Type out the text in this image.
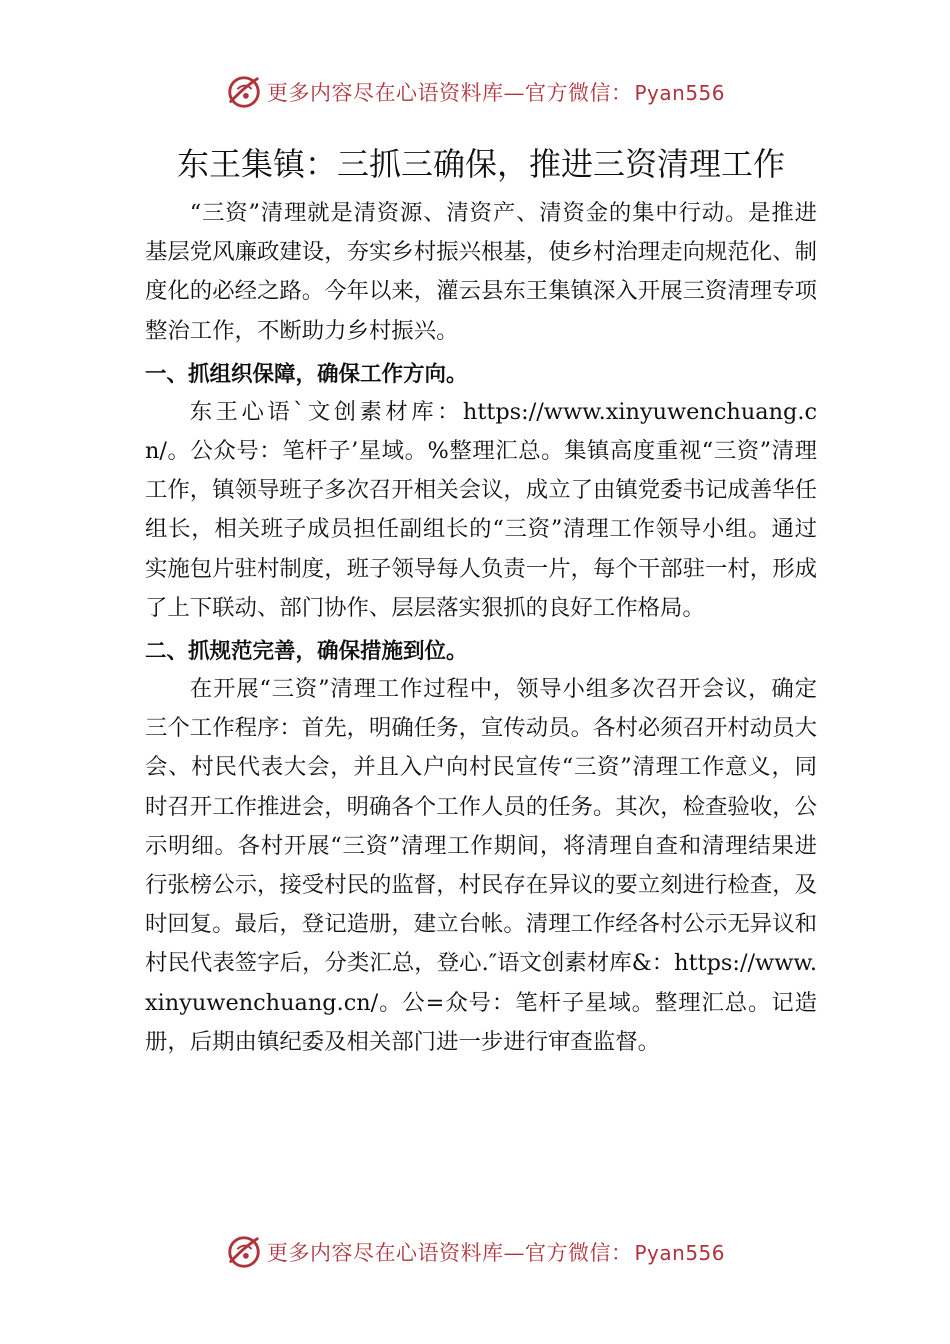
更多内容尽在心语资料库—官方微信： Pyan556
东王集镇：三抓三确保，推进三资清理工作

“三资”清理就是清资源、清资产、清资金的集中行动。是推进基层党风廉政建设，夯实乡村振兴根基，使乡村治理走向规范化、制度化的必经之路。今年以来，灌云县东王集镇深入开展三资清理专项整治工作，不断助力乡村振兴。

一、抓组织保障，确保工作方向。

东王心语`文创素材库：https://www.xinyuwenchuang.cn/。公众号：笔杆子’星域。%整理汇总。集镇高度重视“三资”清理工作，镇领导班子多次召开相关会议，成立了由镇党委书记成善华任组长，相关班子成员担任副组长的“三资”清理工作领导小组。通过实施包片驻村制度，班子领导每人负责一片，每个干部驻一村，形成了上下联动、部门协作、层层落实狠抓的良好工作格局。

二、抓规范完善，确保措施到位。

在开展“三资”清理工作过程中，领导小组多次召开会议，确定三个工作程序：首先，明确任务，宣传动员。各村必须召开村动员大会、村民代表大会，并且入户向村民宣传“三资”清理工作意义，同时召开工作推进会，明确各个工作人员的任务。其次，检查验收，公示明细。各村开展“三资”清理工作期间，将清理自查和清理结果进行张榜公示，接受村民的监督，村民存在异议的要立刻进行检查，及时回复。最后，登记造册，建立台帐。清理工作经各村公示无异议和村民代表签字后，分类汇总，登心.″语文创素材库&：https://www.xinyuwenchuang.cn/。公=众号：笔杆子星域。整理汇总。记造册，后期由镇纪委及相关部门进一步进行审查监督。

更多内容尽在心语资料库—官方微信： Pyan556
